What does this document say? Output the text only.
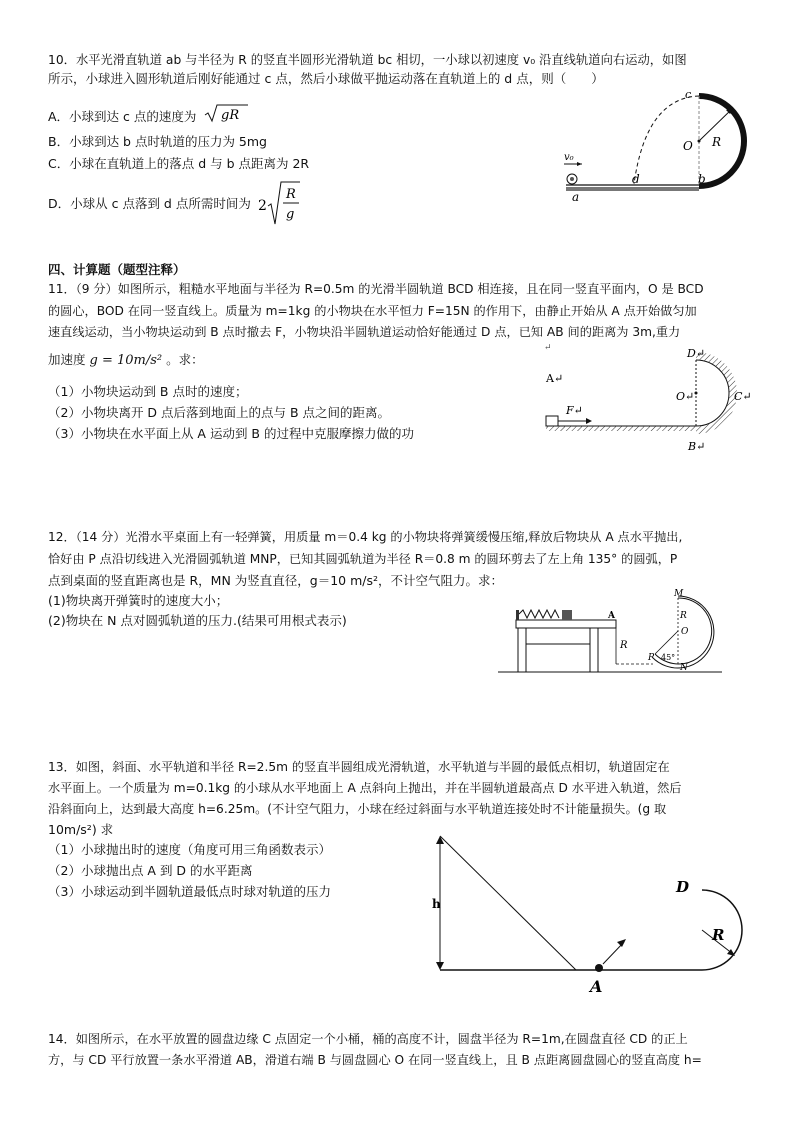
10．水平光滑直轨道 ab 与半径为 R 的竖直半圆形光滑轨道 bc 相切，一小球以初速度 v₀ 沿直线轨道向右运动，如图
所示，小球进入圆形轨道后刚好能通过 c 点，然后小球做平抛运动落在直轨道上的 d 点，则（　　）
A．小球到达 c 点的速度为 gR
B．小球到达 b 点时轨道的压力为 5mg
C．小球在直轨道上的落点 d 与 b 点距离为 2R
D．小球从 c 点落到 d 点所需时间为 2
R
g
c
O R
v₀
a
d	b
四、计算题（题型注释）
11．（9 分）如图所示，粗糙水平地面与半径为 R=0.5m 的光滑半圆轨道 BCD 相连接，且在同一竖直平面内，O 是 BCD
的圆心，BOD 在同一竖直线上。质量为 m=1kg 的小物块在水平恒力 F=15N 的作用下，由静止开始从 A 点开始做匀加
速直线运动，当小物块运动到 B 点时撤去 F，小物块沿半圆轨道运动恰好能通过 D 点，已知 AB 间的距离为 3m,重力
加速度 g = 10m/s² 。求：
（1）小物块运动到 B 点时的速度；
（2）小物块离开 D 点后落到地面上的点与 B 点之间的距离。
（3）小物块在水平面上从 A 运动到 B 的过程中克服摩擦力做的功
↵
A↵
F↵
D↵
O↵	C↵
B↵
12．（14 分）光滑水平桌面上有一轻弹簧，用质量 m＝0.4 kg 的小物块将弹簧缓慢压缩,释放后物块从 A 点水平抛出,
恰好由 P 点沿切线进入光滑圆弧轨道 MNP，已知其圆弧轨道为半径 R＝0.8 m 的圆环剪去了左上角 135° 的圆弧，P
点到桌面的竖直距离也是 R，MN 为竖直直径，g＝10 m/s²，不计空气阻力。求：
(1)物块离开弹簧时的速度大小；
(2)物块在 N 点对圆弧轨道的压力.(结果可用根式表示)	A
R
M
O
R
P 45°
N
13．如图，斜面、水平轨道和半径 R=2.5m 的竖直半圆组成光滑轨道，水平轨道与半圆的最低点相切，轨道固定在
水平面上。一个质量为 m=0.1kg 的小球从水平地面上 A 点斜向上抛出，并在半圆轨道最高点 D 水平进入轨道，然后
沿斜面向上，达到最大高度 h=6.25m。(不计空气阻力，小球在经过斜面与水平轨道连接处时不计能量损失。(g 取
10m/s²) 求
（1）小球抛出时的速度（角度可用三角函数表示）
（2）小球抛出点 A 到 D 的水平距离
（3）小球运动到半圆轨道最低点时球对轨道的压力
h
A
D
R
14．如图所示，在水平放置的圆盘边缘 C 点固定一个小桶，桶的高度不计，圆盘半径为 R=1m,在圆盘直径 CD 的正上
方，与 CD 平行放置一条水平滑道 AB，滑道右端 B 与圆盘圆心 O 在同一竖直线上，且 B 点距离圆盘圆心的竖直高度 h=
